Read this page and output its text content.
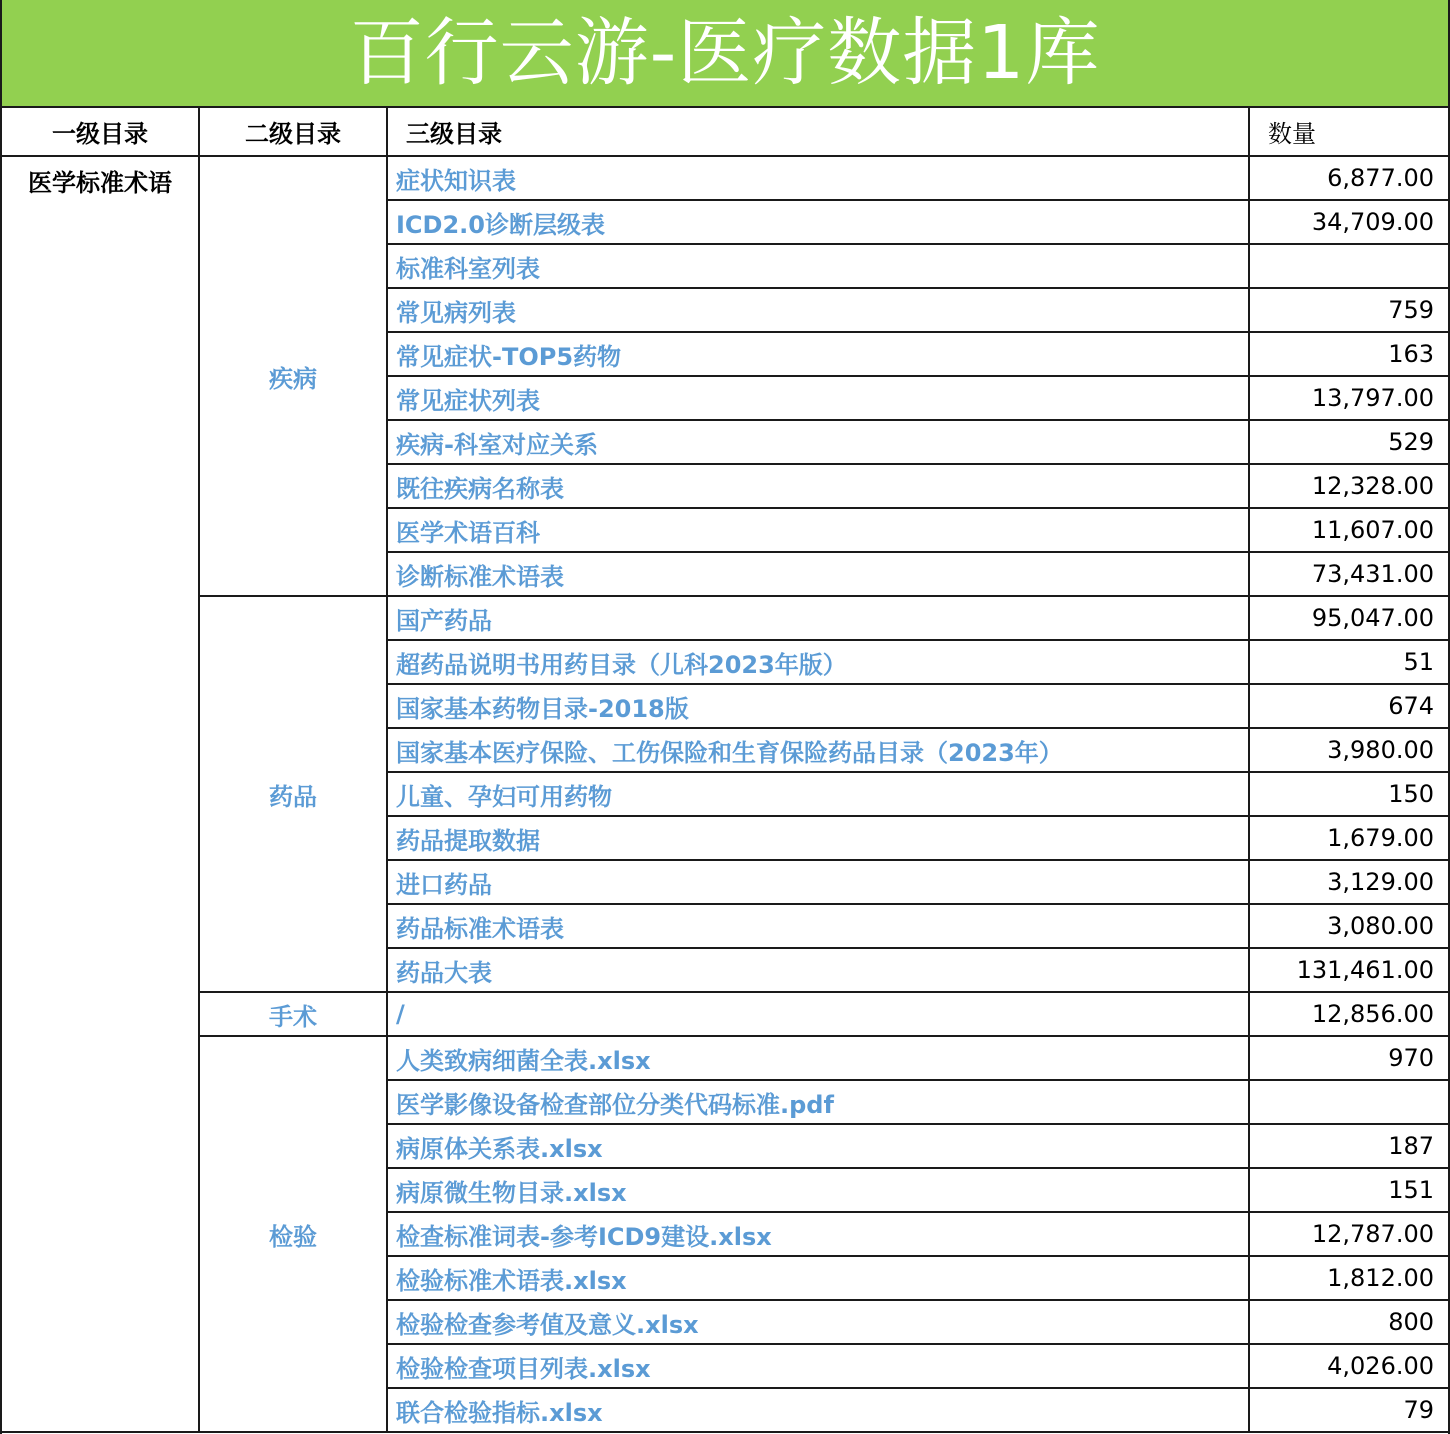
百行云游-医疗数据1库
一级目录	二级目录	三级目录	数量
医学标准术语	疾病	症状知识表	6,877.00
		ICD2.0诊断层级表	34,709.00
		标准科室列表	
		常见病列表	759
		常见症状-TOP5药物	163
		常见症状列表	13,797.00
		疾病-科室对应关系	529
		既往疾病名称表	12,328.00
		医学术语百科	11,607.00
		诊断标准术语表	73,431.00
	药品	国产药品	95,047.00
		超药品说明书用药目录（儿科2023年版）	51
		国家基本药物目录-2018版	674
		国家基本医疗保险、工伤保险和生育保险药品目录（2023年）	3,980.00
		儿童、孕妇可用药物	150
		药品提取数据	1,679.00
		进口药品	3,129.00
		药品标准术语表	3,080.00
		药品大表	131,461.00
	手术	/	12,856.00
	检验	人类致病细菌全表.xlsx	970
		医学影像设备检查部位分类代码标准.pdf	
		病原体关系表.xlsx	187
		病原微生物目录.xlsx	151
		检查标准词表-参考ICD9建设.xlsx	12,787.00
		检验标准术语表.xlsx	1,812.00
		检验检查参考值及意义.xlsx	800
		检验检查项目列表.xlsx	4,026.00
		联合检验指标.xlsx	79
